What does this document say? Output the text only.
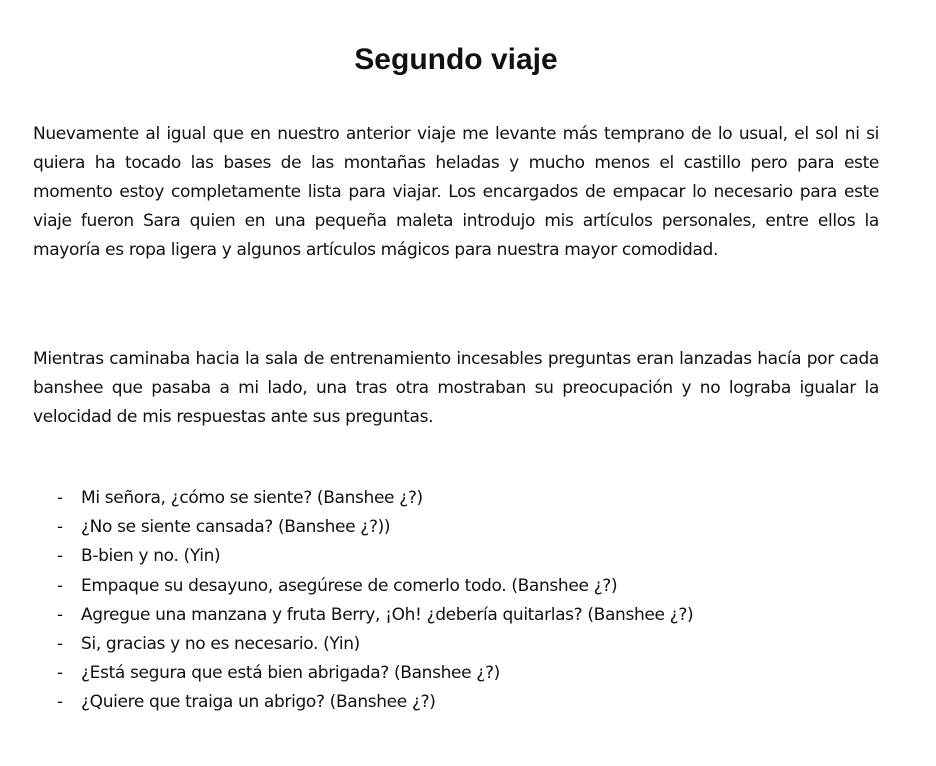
Segundo viaje

Nuevamente al igual que en nuestro anterior viaje me levante más temprano de lo usual, el sol ni si quiera ha tocado las bases de las montañas heladas y mucho menos el castillo pero para este momento estoy completamente lista para viajar. Los encargados de empacar lo necesario para este viaje fueron Sara quien en una pequeña maleta introdujo mis artículos personales, entre ellos la mayoría es ropa ligera y algunos artículos mágicos para nuestra mayor comodidad.

Mientras caminaba hacia la sala de entrenamiento incesables preguntas eran lanzadas hacía por cada banshee que pasaba a mi lado, una tras otra mostraban su preocupación y no lograba igualar la velocidad de mis respuestas ante sus preguntas.

- Mi señora, ¿cómo se siente? (Banshee ¿?)
- ¿No se siente cansada? (Banshee ¿?))
- B-bien y no. (Yin)
- Empaque su desayuno, asegúrese de comerlo todo. (Banshee ¿?)
- Agregue una manzana y fruta Berry, ¡Oh! ¿debería quitarlas? (Banshee ¿?)
- Si, gracias y no es necesario. (Yin)
- ¿Está segura que está bien abrigada? (Banshee ¿?)
- ¿Quiere que traiga un abrigo? (Banshee ¿?)
